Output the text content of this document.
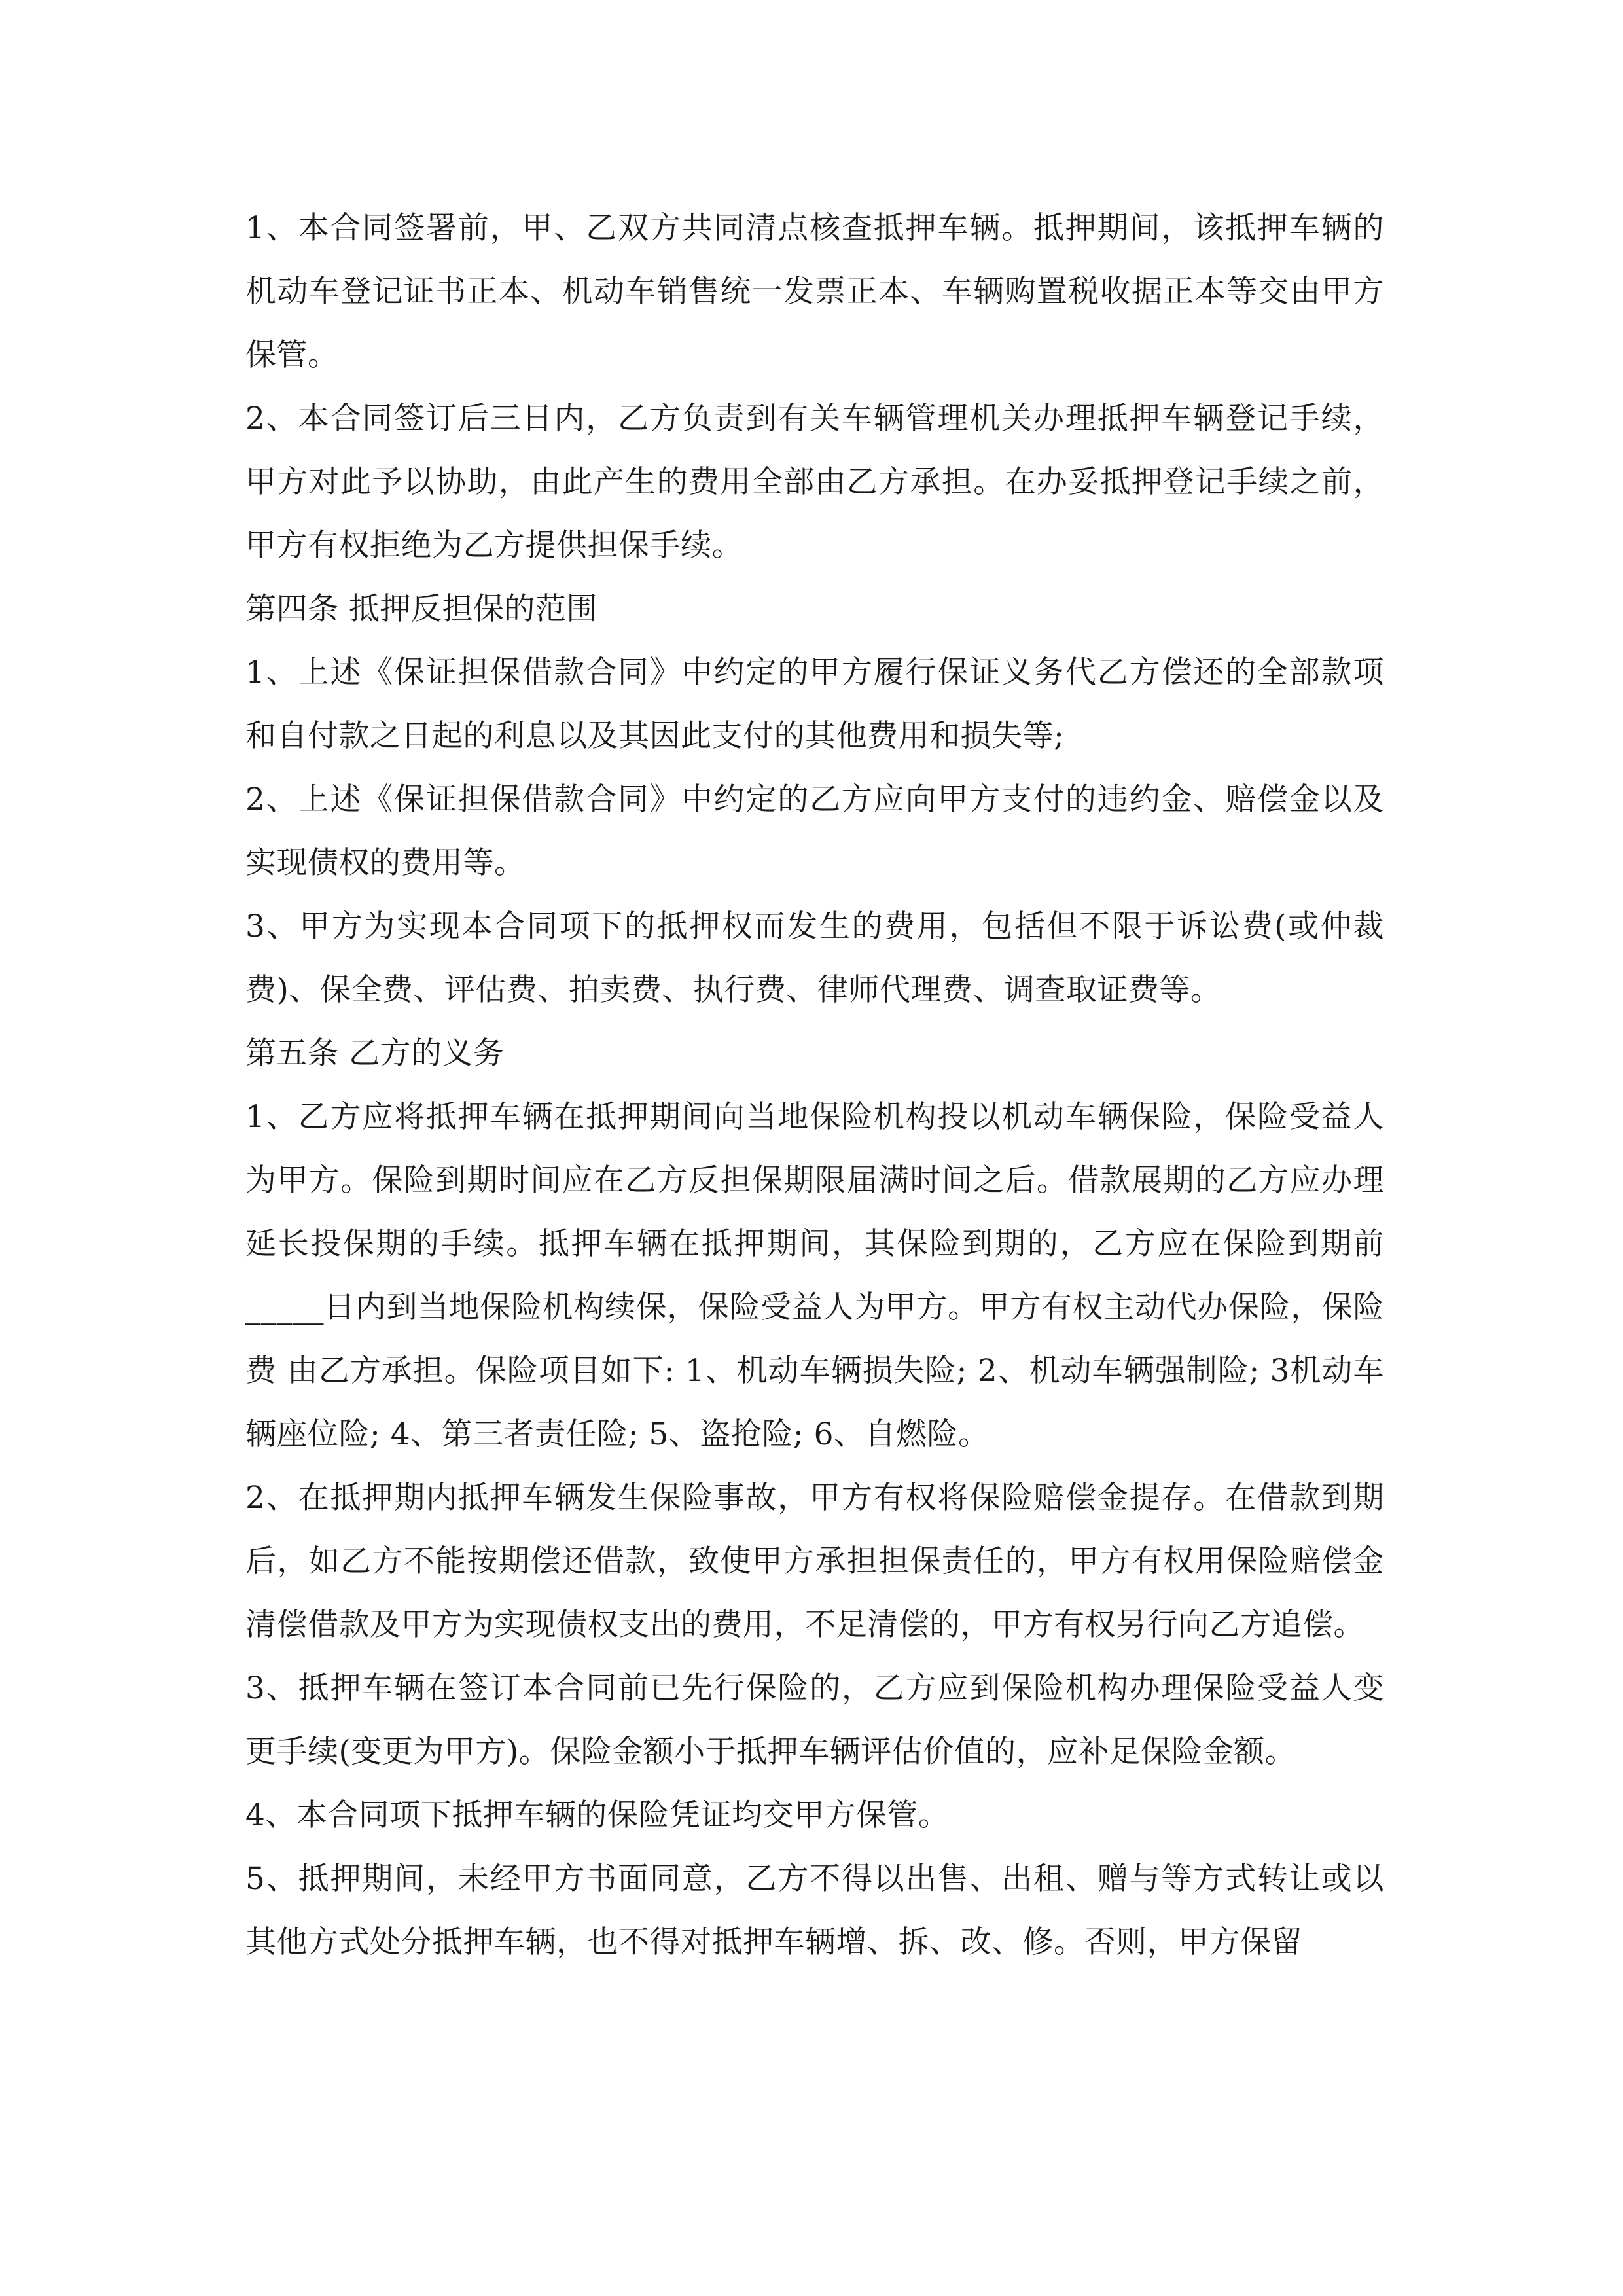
1、本合同签署前，甲、乙双方共同清点核查抵押车辆。抵押期间，该抵押车辆的机动车登记证书正本、机动车销售统一发票正本、车辆购置税收据正本等交由甲方保管。

2、本合同签订后三日内，乙方负责到有关车辆管理机关办理抵押车辆登记手续，甲方对此予以协助，由此产生的费用全部由乙方承担。在办妥抵押登记手续之前，甲方有权拒绝为乙方提供担保手续。

第四条 抵押反担保的范围

1、上述《保证担保借款合同》中约定的甲方履行保证义务代乙方偿还的全部款项和自付款之日起的利息以及其因此支付的其他费用和损失等;

2、上述《保证担保借款合同》中约定的乙方应向甲方支付的违约金、赔偿金以及实现债权的费用等。

3、甲方为实现本合同项下的抵押权而发生的费用，包括但不限于诉讼费(或仲裁费)、保全费、评估费、拍卖费、执行费、律师代理费、调查取证费等。

第五条 乙方的义务

1、乙方应将抵押车辆在抵押期间向当地保险机构投以机动车辆保险，保险受益人为甲方。保险到期时间应在乙方反担保期限届满时间之后。借款展期的乙方应办理延长投保期的手续。抵押车辆在抵押期间，其保险到期的，乙方应在保险到期前_____日内到当地保险机构续保，保险受益人为甲方。甲方有权主动代办保险，保险费 由乙方承担。保险项目如下: 1、机动车辆损失险; 2、机动车辆强制险; 3机动车辆座位险; 4、第三者责任险; 5、盗抢险; 6、自燃险。

2、在抵押期内抵押车辆发生保险事故，甲方有权将保险赔偿金提存。在借款到期后，如乙方不能按期偿还借款，致使甲方承担担保责任的，甲方有权用保险赔偿金清偿借款及甲方为实现债权支出的费用，不足清偿的，甲方有权另行向乙方追偿。

3、抵押车辆在签订本合同前已先行保险的，乙方应到保险机构办理保险受益人变更手续(变更为甲方)。保险金额小于抵押车辆评估价值的，应补足保险金额。

4、本合同项下抵押车辆的保险凭证均交甲方保管。

5、抵押期间，未经甲方书面同意，乙方不得以出售、出租、赠与等方式转让或以其他方式处分抵押车辆，也不得对抵押车辆增、拆、改、修。否则，甲方保留
